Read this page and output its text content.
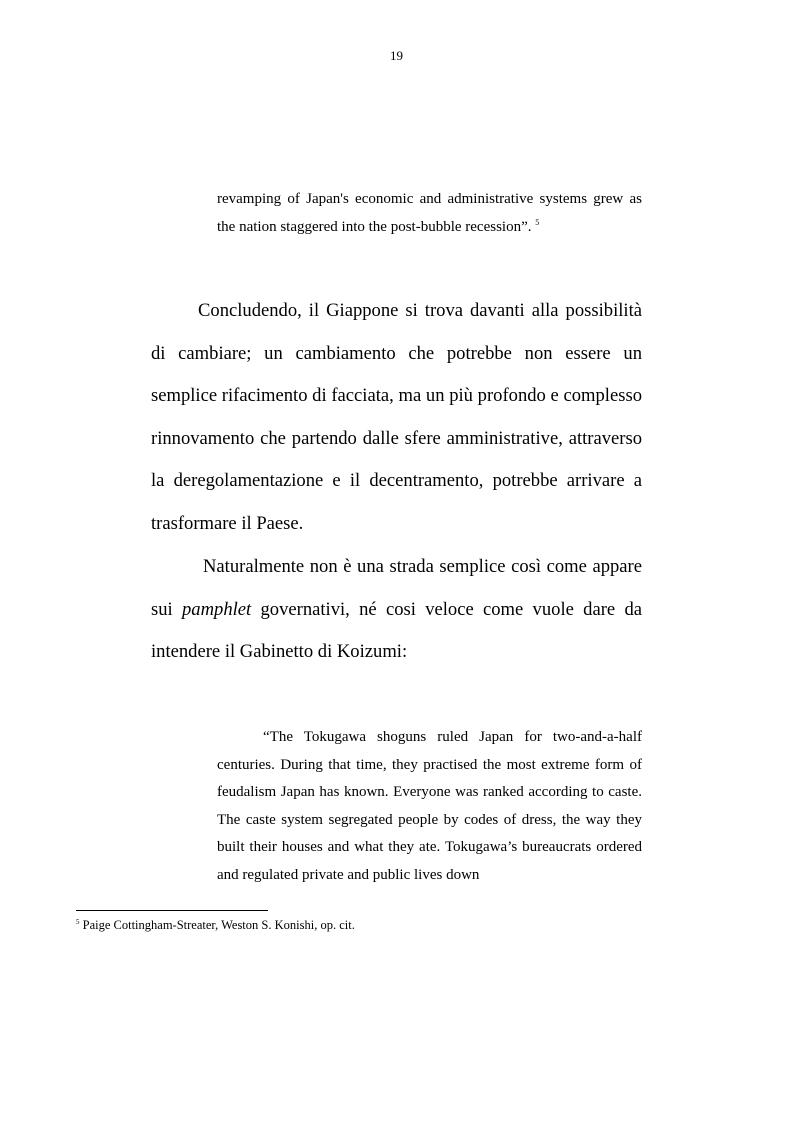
19
revamping of Japan's economic and administrative systems grew as the nation staggered into the post-bubble recession”. $^5$
Concludendo, il Giappone si trova davanti alla possibilità di cambiare; un cambiamento che potrebbe non essere un semplice rifacimento di facciata, ma un più profondo e complesso rinnovamento che partendo dalle sfere amministrative, attraverso la deregolamentazione e il decentramento, potrebbe arrivare a trasformare il Paese.
Naturalmente non è una strada semplice così come appare sui pamphlet governativi, né cosi veloce come vuole dare da intendere il Gabinetto di Koizumi:
“The Tokugawa shoguns ruled Japan for two-and-a-half centuries. During that time, they practised the most extreme form of feudalism Japan has known. Everyone was ranked according to caste. The caste system segregated people by codes of dress, the way they built their houses and what they ate. Tokugawa’s bureaucrats ordered and regulated private and public lives down
$^5$ Paige Cottingham-Streater, Weston S. Konishi, op. cit.
